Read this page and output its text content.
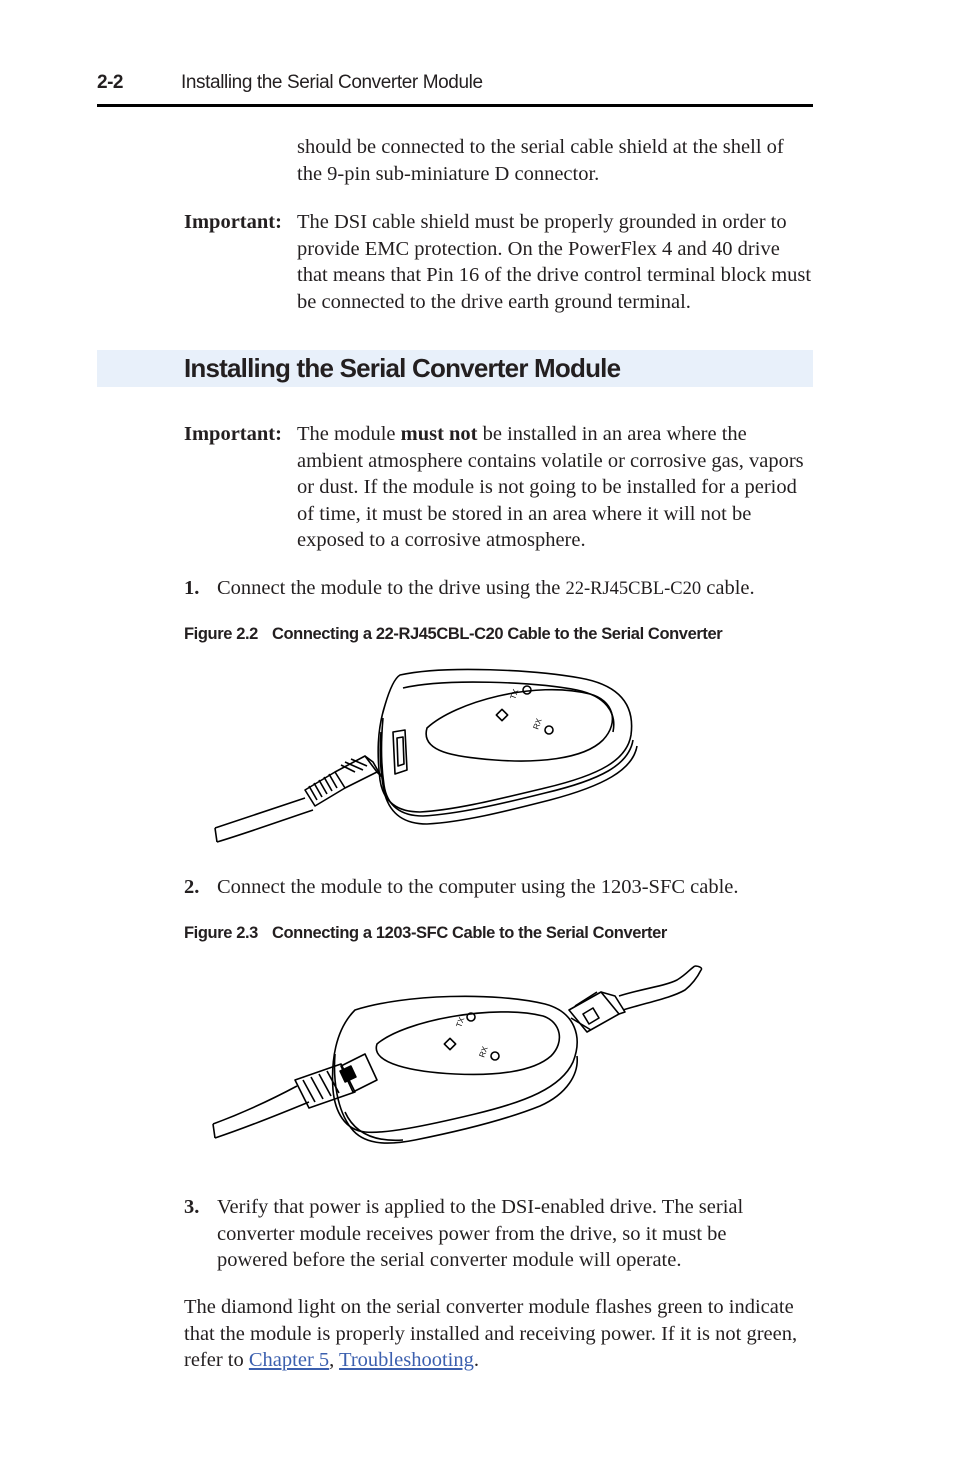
2-2	Installing the Serial Converter Module
should be connected to the serial cable shield at the shell of the 9-pin sub-miniature D connector.
Important: The DSI cable shield must be properly grounded in order to provide EMC protection. On the PowerFlex 4 and 40 drive that means that Pin 16 of the drive control terminal block must be connected to the drive earth ground terminal.
Installing the Serial Converter Module
Important: The module must not be installed in an area where the ambient atmosphere contains volatile or corrosive gas, vapors or dust. If the module is not going to be installed for a period of time, it must be stored in an area where it will not be exposed to a corrosive atmosphere.
1. Connect the module to the drive using the 22-RJ45CBL-C20 cable.
Figure 2.2 Connecting a 22-RJ45CBL-C20 Cable to the Serial Converter
TX
RX
2. Connect the module to the computer using the 1203-SFC cable.
Figure 2.3 Connecting a 1203-SFC Cable to the Serial Converter
TX
RX
3. Verify that power is applied to the DSI-enabled drive. The serial converter module receives power from the drive, so it must be powered before the serial converter module will operate.
The diamond light on the serial converter module flashes green to indicate that the module is properly installed and receiving power. If it is not green, refer to Chapter 5, Troubleshooting.
